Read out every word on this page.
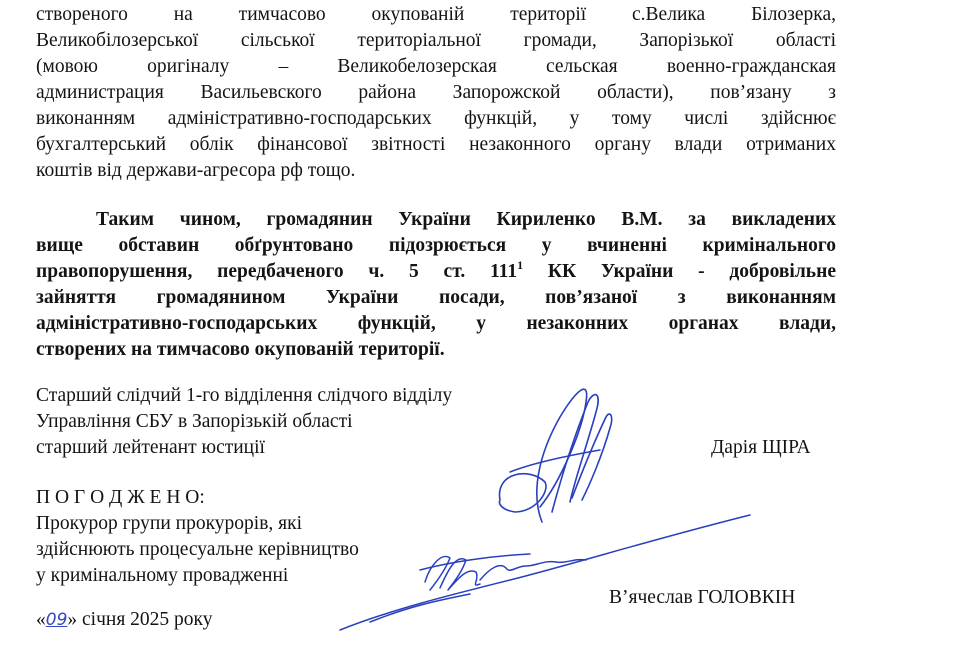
створеного на тимчасово окупованій території с.Велика Білозерка,
Великобілозерської сільської територіальної громади, Запорізької області
(мовою оригіналу – Великобелозерская сельская военно-гражданская
администрация Васильевского района Запорожской области), пов’язану з
виконанням адміністративно-господарських функцій, у тому числі здійснює
бухгалтерський облік фінансової звітності незаконного органу влади отриманих
коштів від держави-агресора рф тощо.
Таким чином, громадянин України Кириленко В.М. за викладених
вище обставин обґрунтовано підозрюється у вчиненні кримінального
правопорушення, передбаченого ч. 5 ст. $111^1$ КК України - добровільне
зайняття громадянином України посади, пов’язаної з виконанням
адміністративно-господарських функцій, у незаконних органах влади,
створених на тимчасово окупованій території.
Старший слідчий 1-го відділення слідчого відділу
Управління СБУ в Запорізькій області
старший лейтенант юстиції	Дарія ЩІРА
П О Г О Д Ж Е Н О:
Прокурор групи прокурорів, які
здійснюють процесуальне керівництво
у кримінальному провадженні
В’ячеслав ГОЛОВКІН
«09» січня 2025 року
